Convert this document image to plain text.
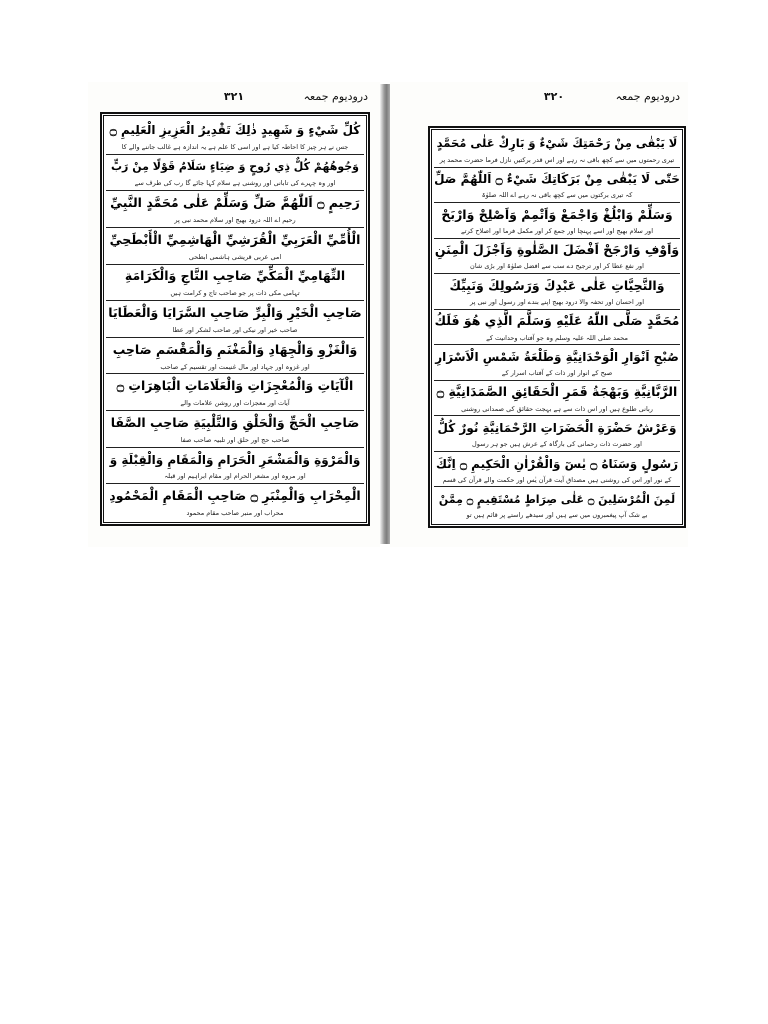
۳۲۱	درودیوم جمعہ
كُلِّ شَيْءٍ وَ شَهِيدٍ ذٰلِكَ تَقْدِيرُ الْعَزِيزِ الْعَلِيمِ ۝
جس نے ہر چیز کا احاطہ کیا ہے اور اسی کا علم ہے یہ اندازہ ہے غالب جاننے والے کا
وَجُوهُهُمْ كُلٌّ ذِي رُوحٍ وَ ضِيَاءٍ سَلَامٌ قَوْلًا مِنْ رَبٍّ
اور وہ چہرے کی تابانی اور روشنی ہے سلام کہا جائے گا رب کی طرف سے
رَحِيمٍ ۝ اَللّٰهُمَّ صَلِّ وَسَلِّمْ عَلٰى مُحَمَّدٍ النَّبِيِّ
رحیم اے اللہ درود بھیج اور سلام محمد نبی پر
الْأُمِّيِّ الْعَرَبِيِّ الْقُرَشِيِّ الْهَاشِمِيِّ الْأَبْطَحِيِّ
امی عربی قریشی ہاشمی ابطحی
التِّهَامِيِّ الْمَكِّيِّ صَاحِبِ التَّاجِ وَالْكَرَامَةِ
تہامی مکی ذات پر جو صاحب تاج و کرامت ہیں
صَاحِبِ الْخَيْرِ وَالْبِرِّ صَاحِبِ السَّرَايَا وَالْعَطَايَا
صاحب خیر اور نیکی اور صاحب لشکر اور عطا
وَالْغَزْوِ وَالْجِهَادِ وَالْمَغْنَمِ وَالْمَقْسَمِ صَاحِبِ
اور غزوہ اور جہاد اور مال غنیمت اور تقسیم کے صاحب
الْآيَاتِ وَالْمُعْجِزَاتِ وَالْعَلَامَاتِ الْبَاهِرَاتِ ۝
آیات اور معجزات اور روشن علامات والے
صَاحِبِ الْحَجِّ وَالْحَلْقِ وَالتَّلْبِيَةِ صَاحِبِ الصَّفَا
صاحب حج اور حلق اور تلبیہ صاحب صفا
وَالْمَرْوَةِ وَالْمَشْعَرِ الْحَرَامِ وَالْمَقَامِ وَالْقِبْلَةِ وَ
اور مروہ اور مشعر الحرام اور مقام ابراہیم اور قبلہ
الْمِحْرَابِ وَالْمِنْبَرِ ۝ صَاحِبِ الْمَقَامِ الْمَحْمُودِ
محراب اور منبر صاحب مقام محمود
۳۲۰	درودیوم جمعہ
لَا يَبْقٰى مِنْ رَحْمَتِكَ شَيْءٌ وَ بَارِكْ عَلٰى مُحَمَّدٍ
تیری رحمتوں میں سے کچھ باقی نہ رہے اور اس قدر برکتیں نازل فرما حضرت محمد پر
حَتّٰى لَا يَبْقٰى مِنْ بَرَكَاتِكَ شَيْءٌ ۝ اَللّٰهُمَّ صَلِّ
کہ تیری برکتوں میں سے کچھ باقی نہ رہے اے اللہ صلوٰۃ
وَسَلِّمْ وَابْلُغْ وَاجْمَعْ وَاَتْمِمْ وَاَصْلِحْ وَارْبَحْ
اور سلام بھیج اور اسے پہنچا اور جمع کر اور مکمل فرما اور اصلاح کرتے
وَاَوْفِ وَارْجَحْ اَفْضَلَ الصَّلٰوةِ وَاَجْزَلَ الْمِنَنِ
اور نفع عطا کر اور ترجیح دے سب سے افضل صلوٰۃ اور بڑی شان
وَالتَّحِيَّاتِ عَلٰى عَبْدِكَ وَرَسُولِكَ وَنَبِيِّكَ
اور احسان اور تحفہ والا درود بھیج اپنے بندے اور رسول اور نبی پر
مُحَمَّدٍ صَلَّى اللّٰهُ عَلَيْهِ وَسَلَّمَ الَّذِي هُوَ فَلَكُ
محمد صلی اللہ علیہ وسلم وہ جو آفتاب وحدانیت کے
صُبْحِ اَنْوَارِ الْوَحْدَانِيَّةِ وَطَلْعَةُ شَمْسِ الْاَسْرَارِ
صبح کے انوار اور ذات کے آفتاب اسرار کے
الرَّبَّانِيَّةِ وَبَهْجَةُ قَمَرِ الْحَقَائِقِ الصَّمَدَانِيَّةِ ۝
ربانی طلوع ہیں اور اس ذات سے ہے بہجت حقائق کی صمدانی روشنی
وَعَرْشُ حَضْرَةِ الْحَضَرَاتِ الرَّحْمَانِيَّةِ نُورٌ كُلُّ
اور حضرت ذات رحمانی کی بارگاہ کے عرش ہیں جو ہر رسول
رَسُولٍ وَسَنَاهُ ۝ يٰسٓ وَالْقُرْاٰنِ الْحَكِيمِ ۝ اِنَّكَ
کے نور اور اس کی روشنی ہیں مصداق آیت قرآن یٰس اور حکمت والے قرآن کی قسم
لَمِنَ الْمُرْسَلِينَ ۝ عَلٰى صِرَاطٍ مُسْتَقِيمٍ ۝ مِمَّنْ
بے شک آپ پیغمبروں میں سے ہیں اور سیدھے راستے پر قائم ہیں تو
